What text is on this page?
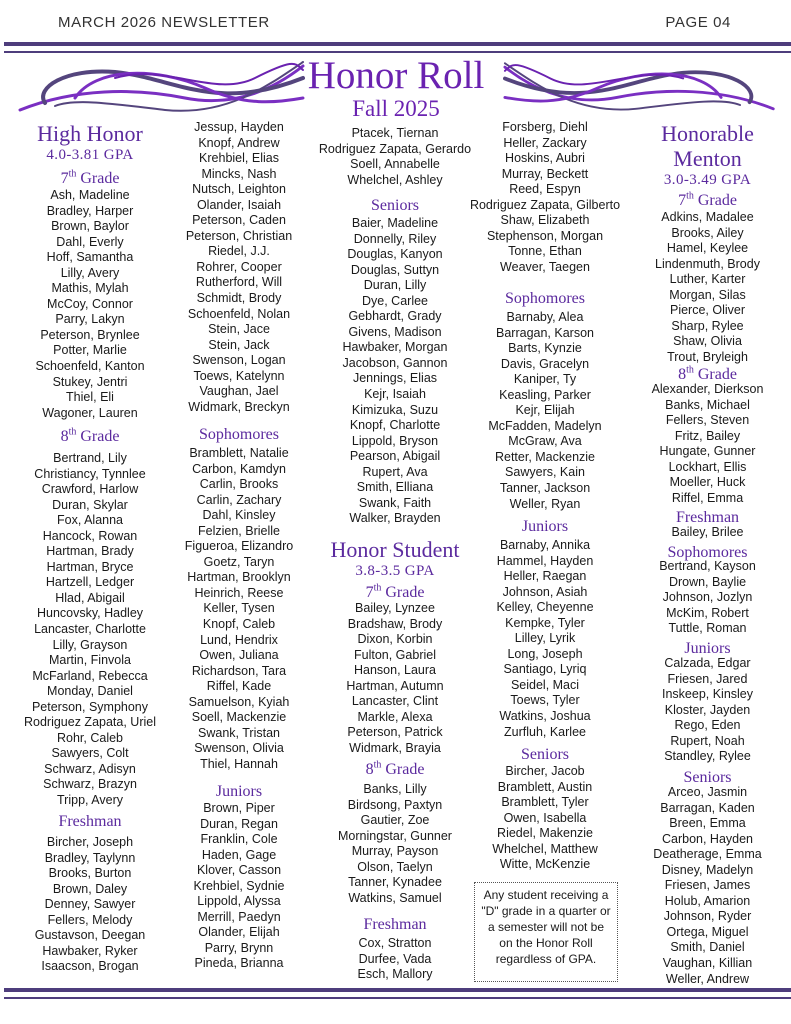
MARCH 2026 NEWSLETTER	PAGE 04
Honor Roll
Fall 2025
High Honor
4.0-3.81 GPA
7th Grade
Ash, Madeline
Bradley, Harper
Brown, Baylor
Dahl, Everly
Hoff, Samantha
Lilly, Avery
Mathis, Mylah
McCoy, Connor
Parry, Lakyn
Peterson, Brynlee
Potter, Marlie
Schoenfeld, Kanton
Stukey, Jentri
Thiel, Eli
Wagoner, Lauren
8th Grade
Bertrand, Lily
Christiancy, Tynnlee
Crawford, Harlow
Duran, Skylar
Fox, Alanna
Hancock, Rowan
Hartman, Brady
Hartman, Bryce
Hartzell, Ledger
Hlad, Abigail
Huncovsky, Hadley
Lancaster, Charlotte
Lilly, Grayson
Martin, Finvola
McFarland, Rebecca
Monday, Daniel
Peterson, Symphony
Rodriguez Zapata, Uriel
Rohr, Caleb
Sawyers, Colt
Schwarz, Adisyn
Schwarz, Brazyn
Tripp, Avery
Freshman
Bircher, Joseph
Bradley, Taylynn
Brooks, Burton
Brown, Daley
Denney, Sawyer
Fellers, Melody
Gustavson, Deegan
Hawbaker, Ryker
Isaacson, Brogan
Jessup, Hayden
Knopf, Andrew
Krehbiel, Elias
Mincks, Nash
Nutsch, Leighton
Olander, Isaiah
Peterson, Caden
Peterson, Christian
Riedel, J.J.
Rohrer, Cooper
Rutherford, Will
Schmidt, Brody
Schoenfeld, Nolan
Stein, Jace
Stein, Jack
Swenson, Logan
Toews, Katelynn
Vaughan, Jael
Widmark, Breckyn
Sophomores
Bramblett, Natalie
Carbon, Kamdyn
Carlin, Brooks
Carlin, Zachary
Dahl, Kinsley
Felzien, Brielle
Figueroa, Elizandro
Goetz, Taryn
Hartman, Brooklyn
Heinrich, Reese
Keller, Tysen
Knopf, Caleb
Lund, Hendrix
Owen, Juliana
Richardson, Tara
Riffel, Kade
Samuelson, Kyiah
Soell, Mackenzie
Swank, Tristan
Swenson, Olivia
Thiel, Hannah
Juniors
Brown, Piper
Duran, Regan
Franklin, Cole
Haden, Gage
Klover, Casson
Krehbiel, Sydnie
Lippold, Alyssa
Merrill, Paedyn
Olander, Elijah
Parry, Brynn
Pineda, Brianna
Ptacek, Tiernan
Rodriguez Zapata, Gerardo
Soell, Annabelle
Whelchel, Ashley
Seniors
Baier, Madeline
Donnelly, Riley
Douglas, Kanyon
Douglas, Suttyn
Duran, Lilly
Dye, Carlee
Gebhardt, Grady
Givens, Madison
Hawbaker, Morgan
Jacobson, Gannon
Jennings, Elias
Kejr, Isaiah
Kimizuka, Suzu
Knopf, Charlotte
Lippold, Bryson
Pearson, Abigail
Rupert, Ava
Smith, Elliana
Swank, Faith
Walker, Brayden
Honor Student
3.8-3.5 GPA
7th Grade
Bailey, Lynzee
Bradshaw, Brody
Dixon, Korbin
Fulton, Gabriel
Hanson, Laura
Hartman, Autumn
Lancaster, Clint
Markle, Alexa
Peterson, Patrick
Widmark, Brayia
8th Grade
Banks, Lilly
Birdsong, Paxtyn
Gautier, Zoe
Morningstar, Gunner
Murray, Payson
Olson, Taelyn
Tanner, Kynadee
Watkins, Samuel
Freshman
Cox, Stratton
Durfee, Vada
Esch, Mallory
Forsberg, Diehl
Heller, Zackary
Hoskins, Aubri
Murray, Beckett
Reed, Espyn
Rodriguez Zapata, Gilberto
Shaw, Elizabeth
Stephenson, Morgan
Tonne, Ethan
Weaver, Taegen
Sophomores
Barnaby, Alea
Barragan, Karson
Barts, Kynzie
Davis, Gracelyn
Kaniper, Ty
Keasling, Parker
Kejr, Elijah
McFadden, Madelyn
McGraw, Ava
Retter, Mackenzie
Sawyers, Kain
Tanner, Jackson
Weller, Ryan
Juniors
Barnaby, Annika
Hammel, Hayden
Heller, Raegan
Johnson, Asiah
Kelley, Cheyenne
Kempke, Tyler
Lilley, Lyrik
Long, Joseph
Santiago, Lyriq
Seidel, Maci
Toews, Tyler
Watkins, Joshua
Zurfluh, Karlee
Seniors
Bircher, Jacob
Bramblett, Austin
Bramblett, Tyler
Owen, Isabella
Riedel, Makenzie
Whelchel, Matthew
Witte, McKenzie
Any student receiving a "D" grade in a quarter or a semester will not be on the Honor Roll regardless of GPA.
Honorable
Menton
3.0-3.49 GPA
7th Grade
Adkins, Madalee
Brooks, Ailey
Hamel, Keylee
Lindenmuth, Brody
Luther, Karter
Morgan, Silas
Pierce, Oliver
Sharp, Rylee
Shaw, Olivia
Trout, Bryleigh
8th Grade
Alexander, Dierkson
Banks, Michael
Fellers, Steven
Fritz, Bailey
Hungate, Gunner
Lockhart, Ellis
Moeller, Huck
Riffel, Emma
Freshman
Bailey, Brilee
Sophomores
Bertrand, Kayson
Drown, Baylie
Johnson, Jozlyn
McKim, Robert
Tuttle, Roman
Juniors
Calzada, Edgar
Friesen, Jared
Inskeep, Kinsley
Kloster, Jayden
Rego, Eden
Rupert, Noah
Standley, Rylee
Seniors
Arceo, Jasmin
Barragan, Kaden
Breen, Emma
Carbon, Hayden
Deatherage, Emma
Disney, Madelyn
Friesen, James
Holub, Amarion
Johnson, Ryder
Ortega, Miguel
Smith, Daniel
Vaughan, Killian
Weller, Andrew
